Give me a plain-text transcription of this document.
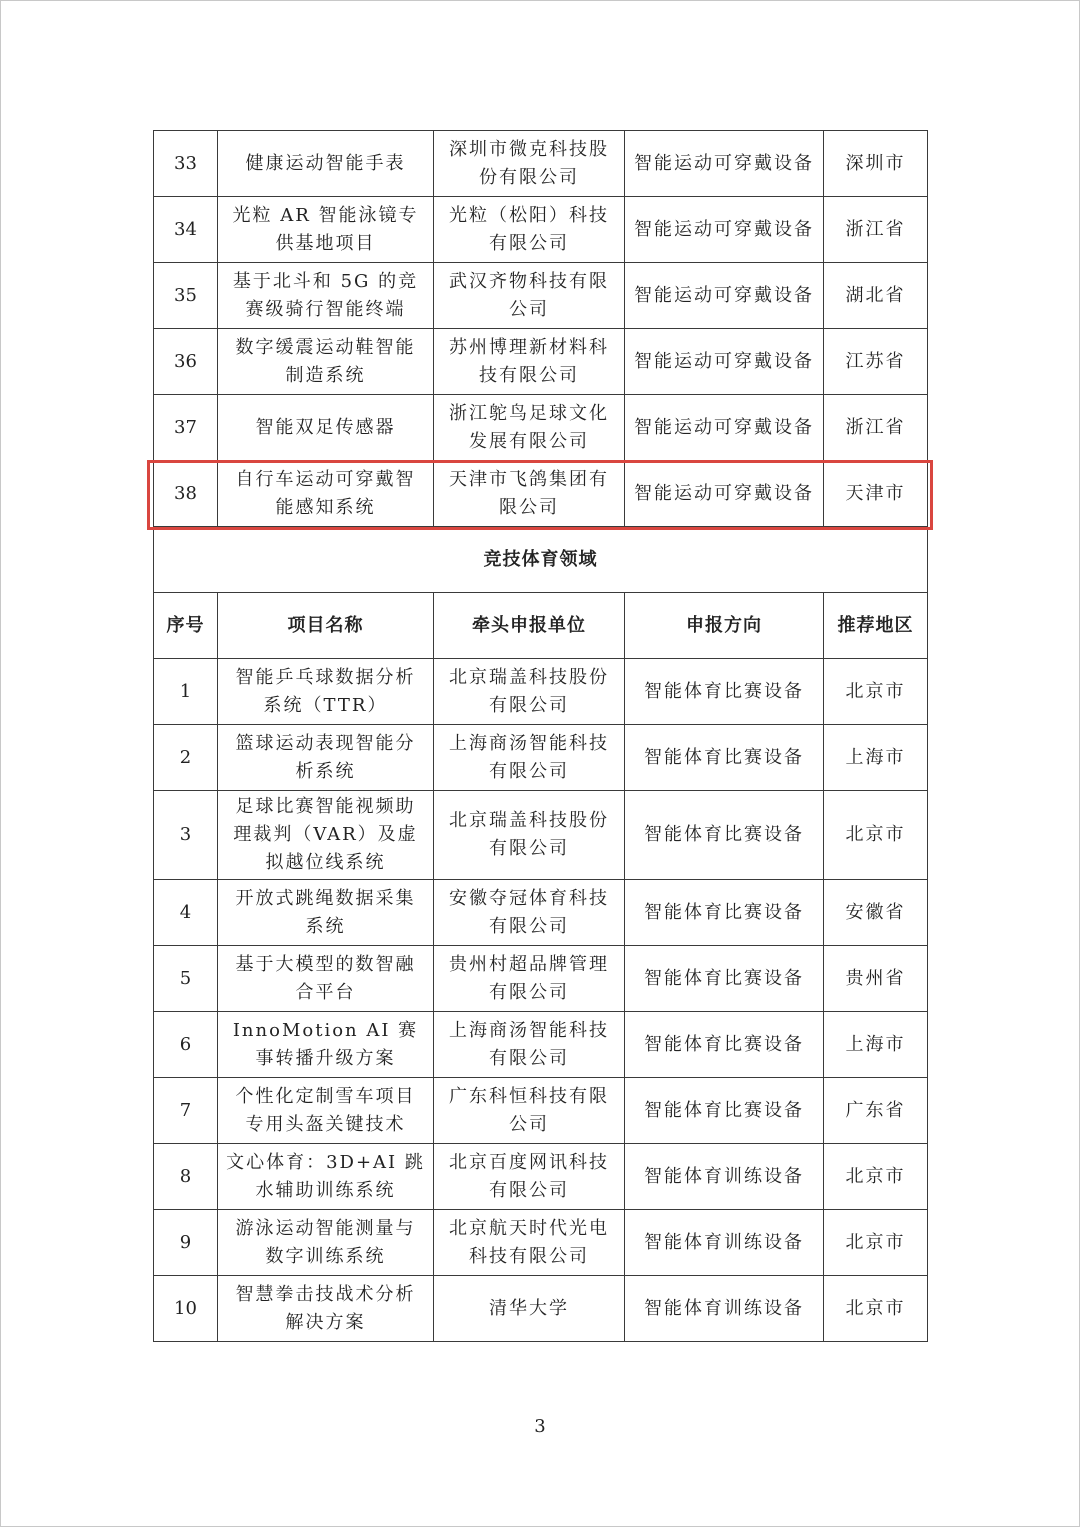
33	健康运动智能手表	深圳市微克科技股份有限公司	智能运动可穿戴设备	深圳市
34	光粒 AR 智能泳镜专供基地项目	光粒（松阳）科技有限公司	智能运动可穿戴设备	浙江省
35	基于北斗和 5G 的竞赛级骑行智能终端	武汉齐物科技有限公司	智能运动可穿戴设备	湖北省
36	数字缓震运动鞋智能制造系统	苏州博理新材料科技有限公司	智能运动可穿戴设备	江苏省
37	智能双足传感器	浙江鸵鸟足球文化发展有限公司	智能运动可穿戴设备	浙江省
38	自行车运动可穿戴智能感知系统	天津市飞鸽集团有限公司	智能运动可穿戴设备	天津市
竞技体育领域				
序号	项目名称	牵头申报单位	申报方向	推荐地区
1	智能乒乓球数据分析系统（TTR）	北京瑞盖科技股份有限公司	智能体育比赛设备	北京市
2	篮球运动表现智能分析系统	上海商汤智能科技有限公司	智能体育比赛设备	上海市
3	足球比赛智能视频助理裁判（VAR）及虚拟越位线系统	北京瑞盖科技股份有限公司	智能体育比赛设备	北京市
4	开放式跳绳数据采集系统	安徽夺冠体育科技有限公司	智能体育比赛设备	安徽省
5	基于大模型的数智融合平台	贵州村超品牌管理有限公司	智能体育比赛设备	贵州省
6	InnoMotion AI 赛事转播升级方案	上海商汤智能科技有限公司	智能体育比赛设备	上海市
7	个性化定制雪车项目专用头盔关键技术	广东科恒科技有限公司	智能体育比赛设备	广东省
8	文心体育：3D+AI 跳水辅助训练系统	北京百度网讯科技有限公司	智能体育训练设备	北京市
9	游泳运动智能测量与数字训练系统	北京航天时代光电科技有限公司	智能体育训练设备	北京市
10	智慧拳击技战术分析解决方案	清华大学	智能体育训练设备	北京市
3
